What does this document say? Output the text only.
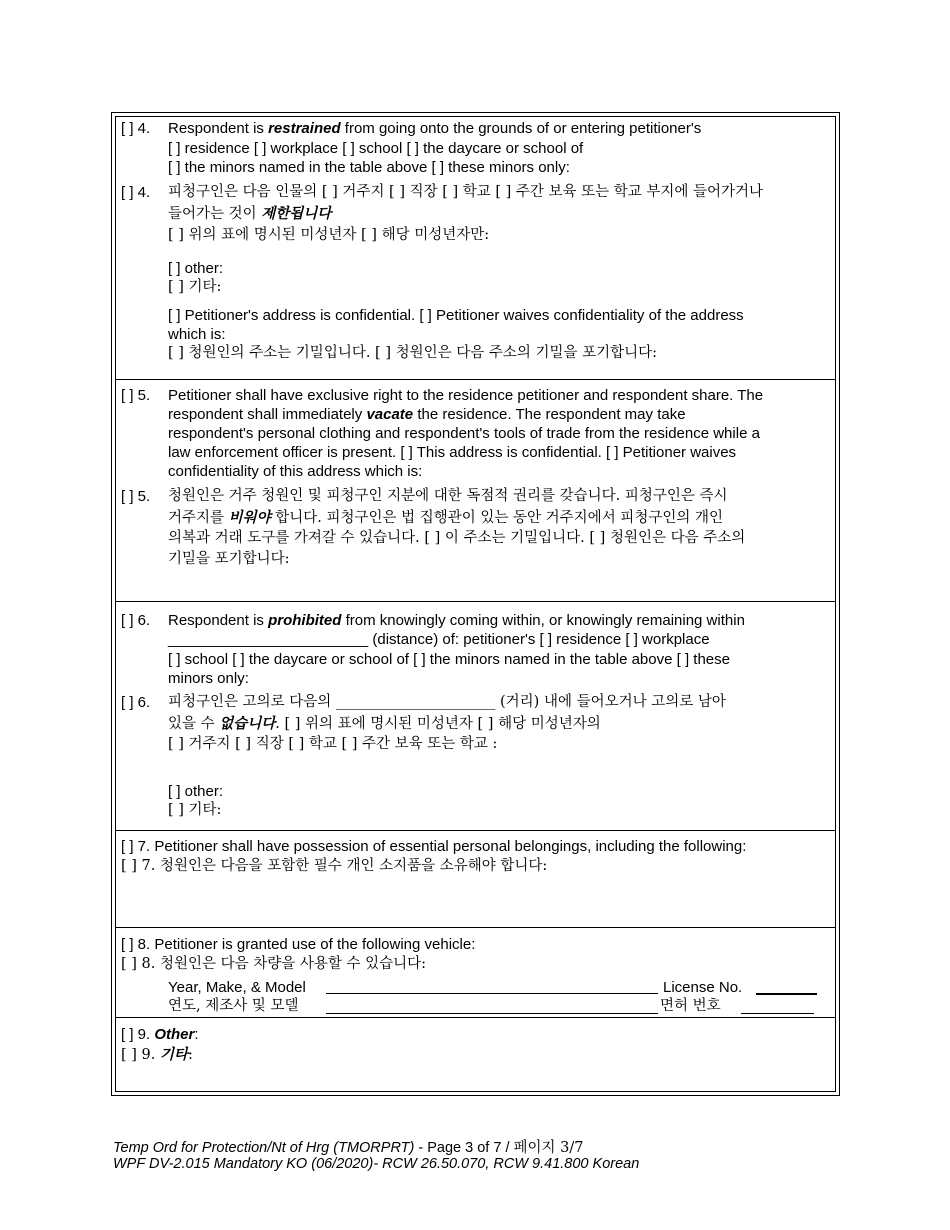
[ ] 4. Respondent is restrained from going onto the grounds of or entering petitioner's
[ ] residence [ ] workplace [ ] school [ ] the daycare or school of
[ ] the minors named in the table above [ ] these minors only:
[ ] 4. 피청구인은 다음 인물의 [ ] 거주지 [ ] 직장 [ ] 학교 [ ] 주간 보육 또는 학교 부지에 들어가거나
들어가는 것이 제한됩니다
[ ] 위의 표에 명시된 미성년자 [ ] 해당 미성년자만:
[ ] other:
[ ] 기타:
[ ] Petitioner's address is confidential. [ ] Petitioner waives confidentiality of the address
which is:
[ ] 청원인의 주소는 기밀입니다. [ ] 청원인은 다음 주소의 기밀을 포기합니다:
[ ] 5. Petitioner shall have exclusive right to the residence petitioner and respondent share. The
respondent shall immediately vacate the residence. The respondent may take
respondent's personal clothing and respondent's tools of trade from the residence while a
law enforcement officer is present. [ ] This address is confidential. [ ] Petitioner waives
confidentiality of this address which is:
[ ] 5. 청원인은 거주 청원인 및 피청구인 지분에 대한 독점적 권리를 갖습니다. 피청구인은 즉시
거주지를 비워야 합니다. 피청구인은 법 집행관이 있는 동안 거주지에서 피청구인의 개인
의복과 거래 도구를 가져갈 수 있습니다. [ ] 이 주소는 기밀입니다. [ ] 청원인은 다음 주소의
기밀을 포기합니다:
[ ] 6. Respondent is prohibited from knowingly coming within, or knowingly remaining within
________________________ (distance) of: petitioner's [ ] residence [ ] workplace
[ ] school [ ] the daycare or school of [ ] the minors named in the table above [ ] these
minors only:
[ ] 6. 피청구인은 고의로 다음의 ______________________ (거리) 내에 들어오거나 고의로 남아
있을 수 없습니다. [ ] 위의 표에 명시된 미성년자 [ ] 해당 미성년자의
[ ] 거주지 [ ] 직장 [ ] 학교 [ ] 주간 보육 또는 학교 :
[ ] other:
[ ] 기타:
[ ] 7. Petitioner shall have possession of essential personal belongings, including the following:
[ ] 7. 청원인은 다음을 포함한 필수 개인 소지품을 소유해야 합니다:
[ ] 8. Petitioner is granted use of the following vehicle:
[ ] 8. 청원인은 다음 차량을 사용할 수 있습니다:
Year, Make, & Model
연도, 제조사 및 모델
License No.
면허 번호
[ ] 9. Other:
[ ] 9. 기타:
Temp Ord for Protection/Nt of Hrg (TMORPRT) - Page 3 of 7 / 페이지 3/7
WPF DV-2.015 Mandatory KO (06/2020)- RCW 26.50.070, RCW 9.41.800 Korean
